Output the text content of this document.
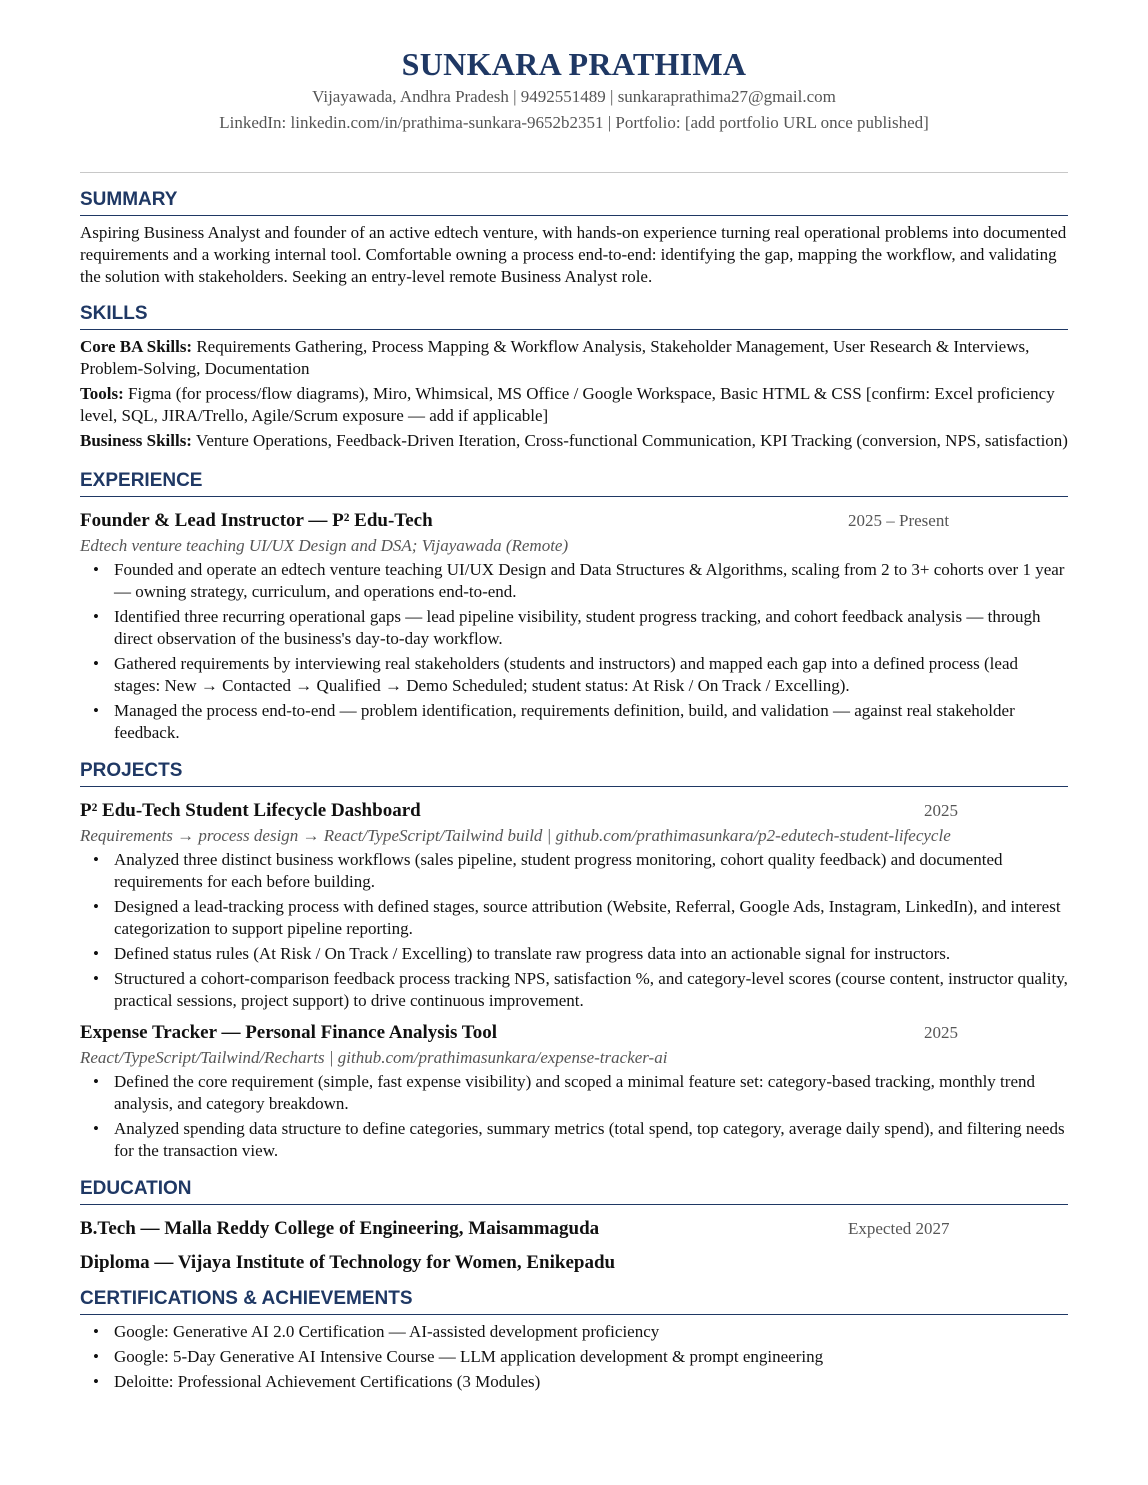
SUNKARA PRATHIMA
Vijayawada, Andhra Pradesh | 9492551489 | sunkaraprathima27@gmail.com
LinkedIn: linkedin.com/in/prathima-sunkara-9652b2351 | Portfolio: [add portfolio URL once published]
SUMMARY
Aspiring Business Analyst and founder of an active edtech venture, with hands-on experience turning real operational problems into documented requirements and a working internal tool. Comfortable owning a process end-to-end: identifying the gap, mapping the workflow, and validating the solution with stakeholders. Seeking an entry-level remote Business Analyst role.
SKILLS
Core BA Skills: Requirements Gathering, Process Mapping & Workflow Analysis, Stakeholder Management, User Research & Interviews, Problem-Solving, Documentation
Tools: Figma (for process/flow diagrams), Miro, Whimsical, MS Office / Google Workspace, Basic HTML & CSS [confirm: Excel proficiency level, SQL, JIRA/Trello, Agile/Scrum exposure — add if applicable]
Business Skills: Venture Operations, Feedback-Driven Iteration, Cross-functional Communication, KPI Tracking (conversion, NPS, satisfaction)
EXPERIENCE
Founder & Lead Instructor — P² Edu-Tech	2025 – Present
Edtech venture teaching UI/UX Design and DSA; Vijayawada (Remote)
• Founded and operate an edtech venture teaching UI/UX Design and Data Structures & Algorithms, scaling from 2 to 3+ cohorts over 1 year — owning strategy, curriculum, and operations end-to-end.
• Identified three recurring operational gaps — lead pipeline visibility, student progress tracking, and cohort feedback analysis — through direct observation of the business's day-to-day workflow.
• Gathered requirements by interviewing real stakeholders (students and instructors) and mapped each gap into a defined process (lead stages: New → Contacted → Qualified → Demo Scheduled; student status: At Risk / On Track / Excelling).
• Managed the process end-to-end — problem identification, requirements definition, build, and validation — against real stakeholder feedback.
PROJECTS
P² Edu-Tech Student Lifecycle Dashboard	2025
Requirements → process design → React/TypeScript/Tailwind build | github.com/prathimasunkara/p2-edutech-student-lifecycle
• Analyzed three distinct business workflows (sales pipeline, student progress monitoring, cohort quality feedback) and documented requirements for each before building.
• Designed a lead-tracking process with defined stages, source attribution (Website, Referral, Google Ads, Instagram, LinkedIn), and interest categorization to support pipeline reporting.
• Defined status rules (At Risk / On Track / Excelling) to translate raw progress data into an actionable signal for instructors.
• Structured a cohort-comparison feedback process tracking NPS, satisfaction %, and category-level scores (course content, instructor quality, practical sessions, project support) to drive continuous improvement.
Expense Tracker — Personal Finance Analysis Tool	2025
React/TypeScript/Tailwind/Recharts | github.com/prathimasunkara/expense-tracker-ai
• Defined the core requirement (simple, fast expense visibility) and scoped a minimal feature set: category-based tracking, monthly trend analysis, and category breakdown.
• Analyzed spending data structure to define categories, summary metrics (total spend, top category, average daily spend), and filtering needs for the transaction view.
EDUCATION
B.Tech — Malla Reddy College of Engineering, Maisammaguda	Expected 2027
Diploma — Vijaya Institute of Technology for Women, Enikepadu
CERTIFICATIONS & ACHIEVEMENTS
• Google: Generative AI 2.0 Certification — AI-assisted development proficiency
• Google: 5-Day Generative AI Intensive Course — LLM application development & prompt engineering
• Deloitte: Professional Achievement Certifications (3 Modules)
